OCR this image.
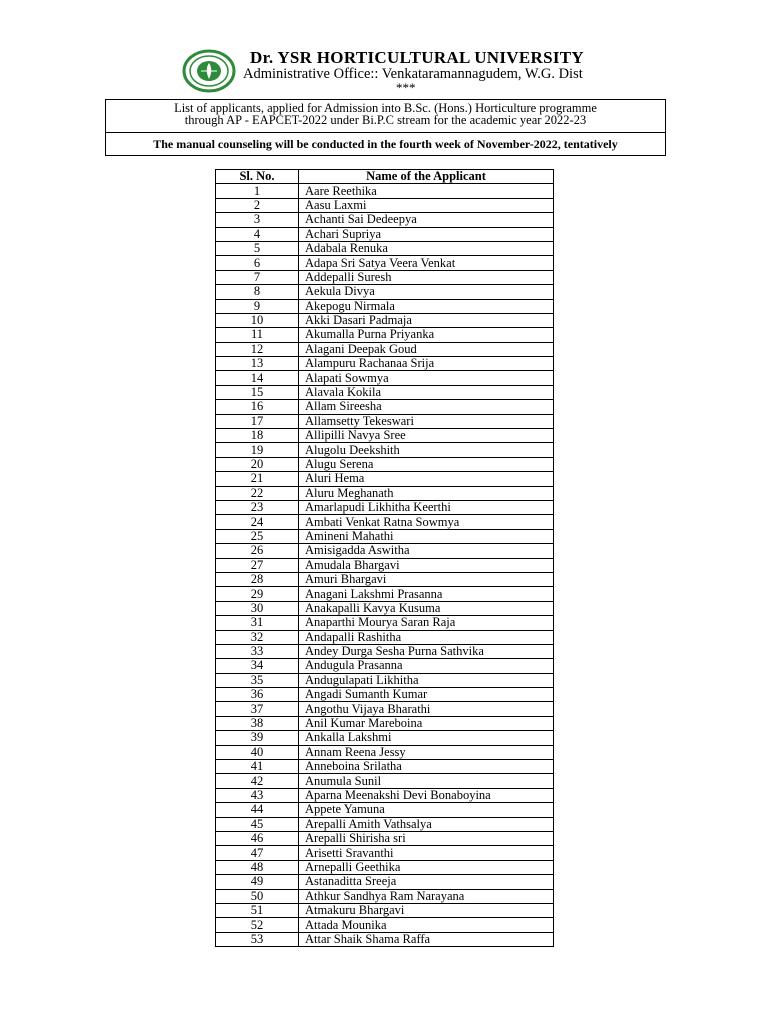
Dr. YSR HORTICULTURAL UNIVERSITY
Administrative Office:: Venkataramannagudem, W.G. Dist
***
List of applicants, applied for Admission into B.Sc. (Hons.) Horticulture programme
through AP - EAPCET-2022 under Bi.P.C stream for the academic year 2022-23
The manual counseling will be conducted in the fourth week of November-2022, tentatively
Sl. No.	Name of the Applicant
1	Aare Reethika
2	Aasu Laxmi
3	Achanti Sai Dedeepya
4	Achari Supriya
5	Adabala Renuka
6	Adapa Sri Satya Veera Venkat
7	Addepalli Suresh
8	Aekula Divya
9	Akepogu Nirmala
10	Akki Dasari Padmaja
11	Akumalla Purna Priyanka
12	Alagani Deepak Goud
13	Alampuru Rachanaa Srija
14	Alapati Sowmya
15	Alavala Kokila
16	Allam Sireesha
17	Allamsetty Tekeswari
18	Allipilli Navya Sree
19	Alugolu Deekshith
20	Alugu Serena
21	Aluri Hema
22	Aluru Meghanath
23	Amarlapudi Likhitha Keerthi
24	Ambati Venkat Ratna Sowmya
25	Amineni Mahathi
26	Amisigadda Aswitha
27	Amudala Bhargavi
28	Amuri Bhargavi
29	Anagani Lakshmi Prasanna
30	Anakapalli Kavya Kusuma
31	Anaparthi Mourya Saran Raja
32	Andapalli Rashitha
33	Andey Durga Sesha Purna Sathvika
34	Andugula Prasanna
35	Andugulapati Likhitha
36	Angadi Sumanth Kumar
37	Angothu Vijaya Bharathi
38	Anil Kumar Mareboina
39	Ankalla Lakshmi
40	Annam Reena Jessy
41	Anneboina Srilatha
42	Anumula Sunil
43	Aparna Meenakshi Devi Bonaboyina
44	Appete Yamuna
45	Arepalli Amith Vathsalya
46	Arepalli Shirisha sri
47	Arisetti Sravanthi
48	Arnepalli Geethika
49	Astanaditta Sreeja
50	Athkur Sandhya Ram Narayana
51	Atmakuru Bhargavi
52	Attada Mounika
53	Attar Shaik Shama Raffa
